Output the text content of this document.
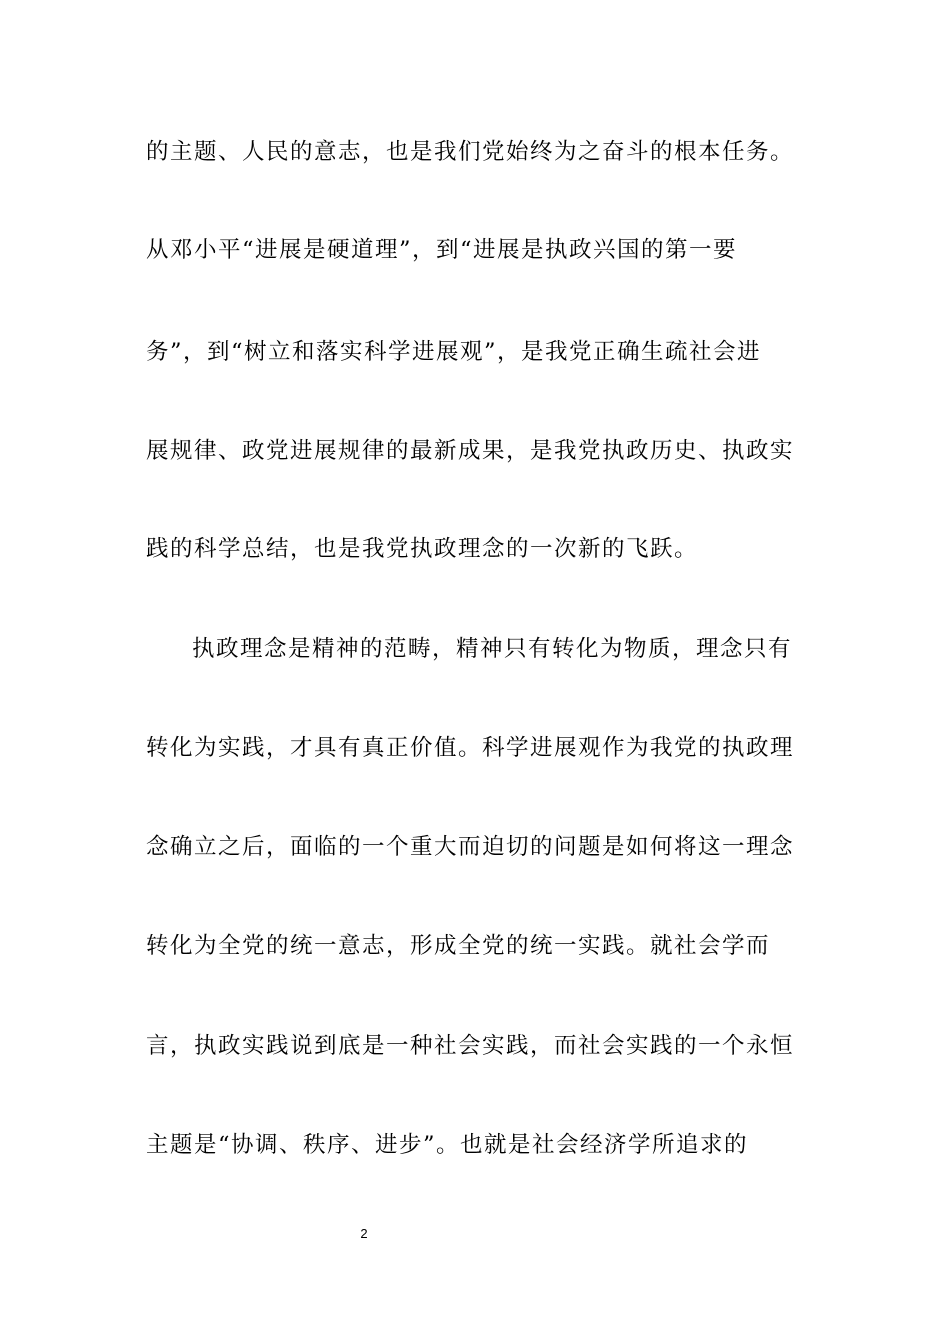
的主题、人民的意志，也是我们党始终为之奋斗的根本任务。
从邓小平“进展是硬道理”，到“进展是执政兴国的第一要
务”，到“树立和落实科学进展观”，是我党正确生疏社会进
展规律、政党进展规律的最新成果，是我党执政历史、执政实
践的科学总结，也是我党执政理念的一次新的飞跃。
执政理念是精神的范畴，精神只有转化为物质，理念只有
转化为实践，才具有真正价值。科学进展观作为我党的执政理
念确立之后，面临的一个重大而迫切的问题是如何将这一理念
转化为全党的统一意志，形成全党的统一实践。就社会学而
言，执政实践说到底是一种社会实践，而社会实践的一个永恒
主题是“协调、秩序、进步”。也就是社会经济学所追求的
2
